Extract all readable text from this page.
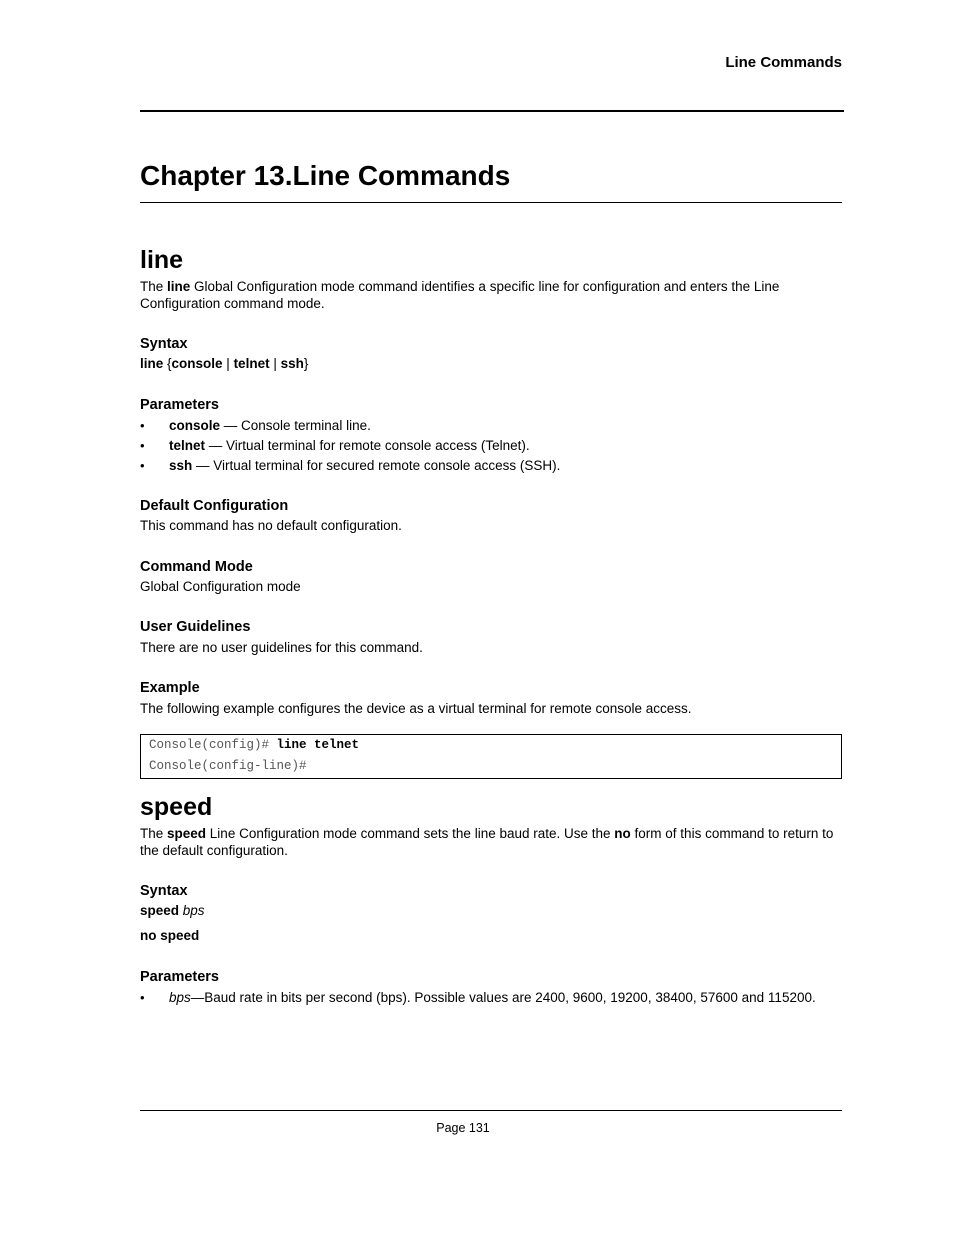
Line Commands
Chapter 13.Line Commands
line

The line Global Configuration mode command identifies a specific line for configuration and enters the Line Configuration command mode.

Syntax
line {console | telnet | ssh}
Parameters
• console — Console terminal line.
• telnet — Virtual terminal for remote console access (Telnet).
• ssh — Virtual terminal for secured remote console access (SSH).
Default Configuration
This command has no default configuration.
Command Mode
Global Configuration mode
User Guidelines
There are no user guidelines for this command.
Example
The following example configures the device as a virtual terminal for remote console access.
Console(config)# line telnet
Console(config-line)#
speed

The speed Line Configuration mode command sets the line baud rate. Use the no form of this command to return to the default configuration.

Syntax
speed bps
no speed
Parameters
• bps—Baud rate in bits per second (bps). Possible values are 2400, 9600, 19200, 38400, 57600 and 115200.
Page 131
